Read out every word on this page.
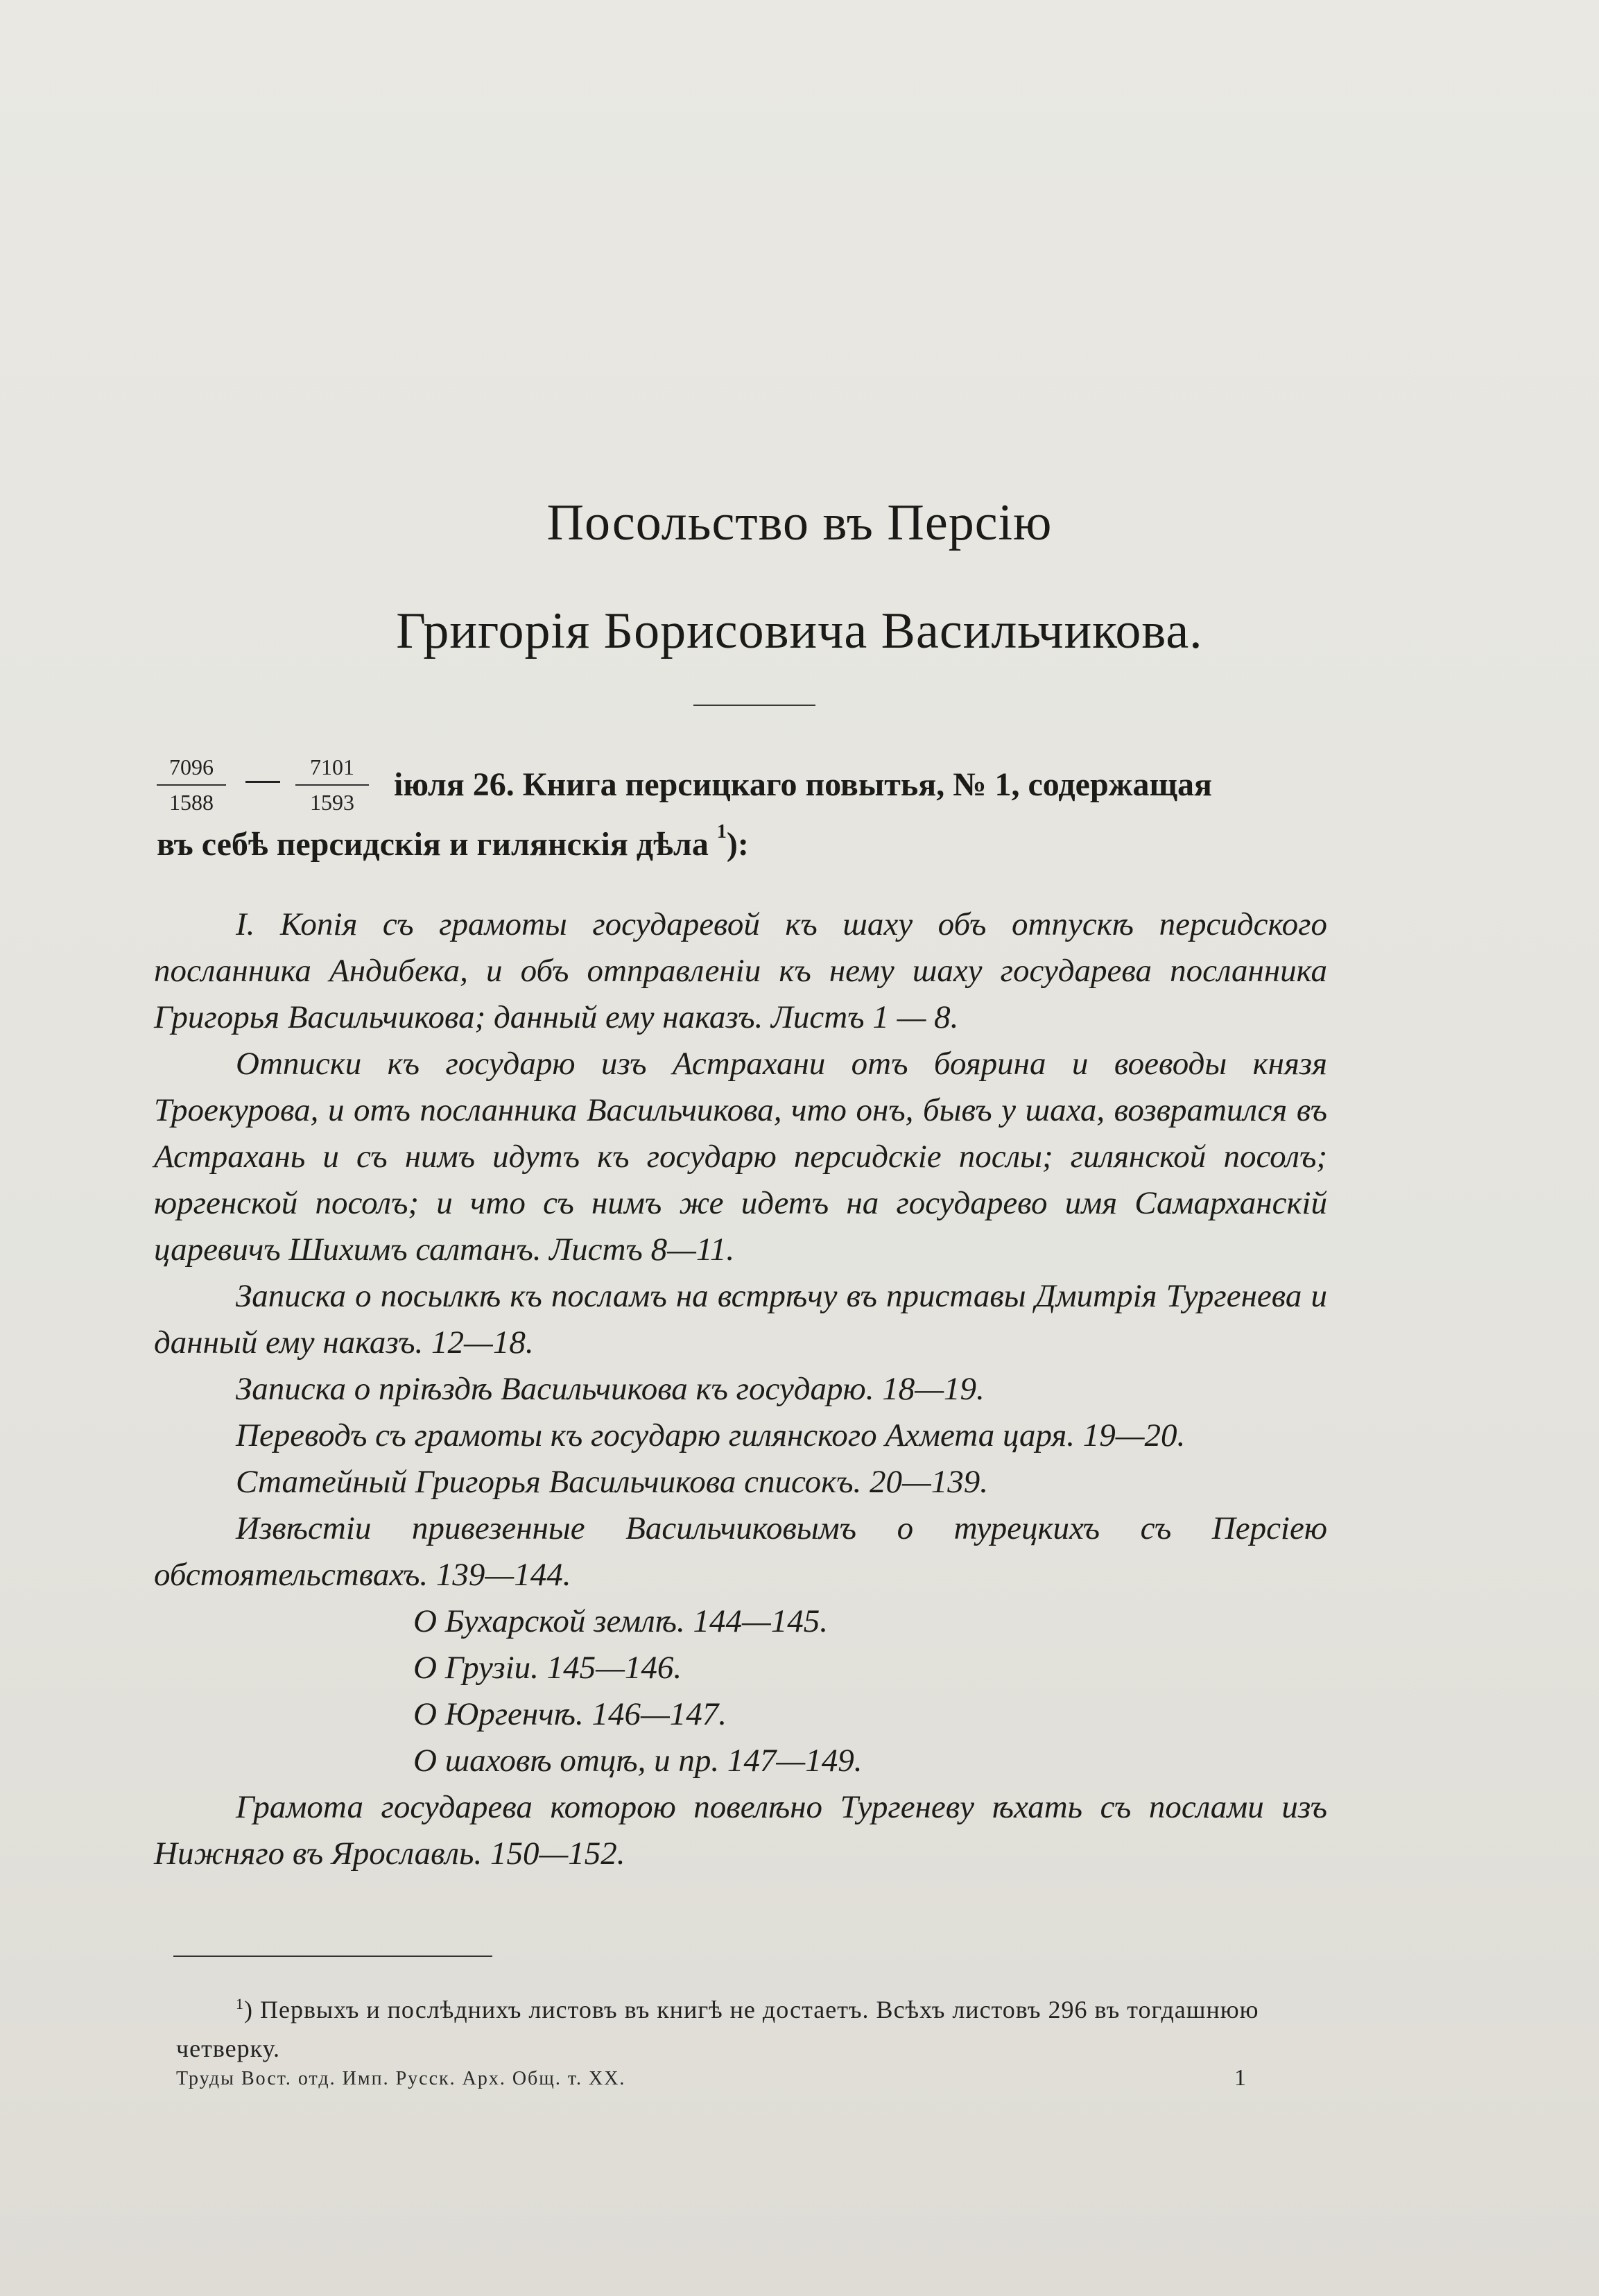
Посольство въ Персію
Григорія Борисовича Васильчикова.
7096
1588
7101
1593	іюля 26. Книга персицкаго повытья, № 1, содержащая
въ себѣ персидскія и гилянскія дѣла $^1$):

I. Копія съ грамоты государевой къ шаху объ отпускѣ персидского посланника Андибека, и объ отправленіи къ нему шаху государева посланника Григорья Васильчикова; данный ему наказъ. Листъ 1 — 8.

Отписки къ государю изъ Астрахани отъ боярина и воеводы князя Троекурова, и отъ посланника Васильчикова, что онъ, бывъ у шаха, возвратился въ Астрахань и съ нимъ идутъ къ государю персидскіе послы; гилянской посолъ; юргенской посолъ; и что съ нимъ же идетъ на государево имя Самарханскій царевичъ Шихимъ салтанъ. Листъ 8—11.

Записка о посылкѣ къ посламъ на встрѣчу въ приставы Дмитрія Тургенева и данный ему наказъ. 12—18.

Записка о пріѣздѣ Васильчикова къ государю. 18—19.

Переводъ съ грамоты къ государю гилянского Ахмета царя. 19—20.

Статейный Григорья Васильчикова списокъ. 20—139.

Извѣстіи привезенные Васильчиковымъ о турецкихъ съ Персіею обстоятельствахъ. 139—144.

О Бухарской землѣ. 144—145.

О Грузіи. 145—146.

О Юргенчѣ. 146—147.

О шаховѣ отцѣ, и пр. 147—149.

Грамота государева которою повелѣно Тургеневу ѣхать съ послами изъ Нижняго въ Ярославль. 150—152.

$^1$) Первыхъ и послѣднихъ листовъ въ книгѣ не достаетъ. Всѣхъ листовъ 296 въ тогдашнюю четверку.
Труды Вост. отд. Имп. Русск. Арх. Общ. т. XX.	1
